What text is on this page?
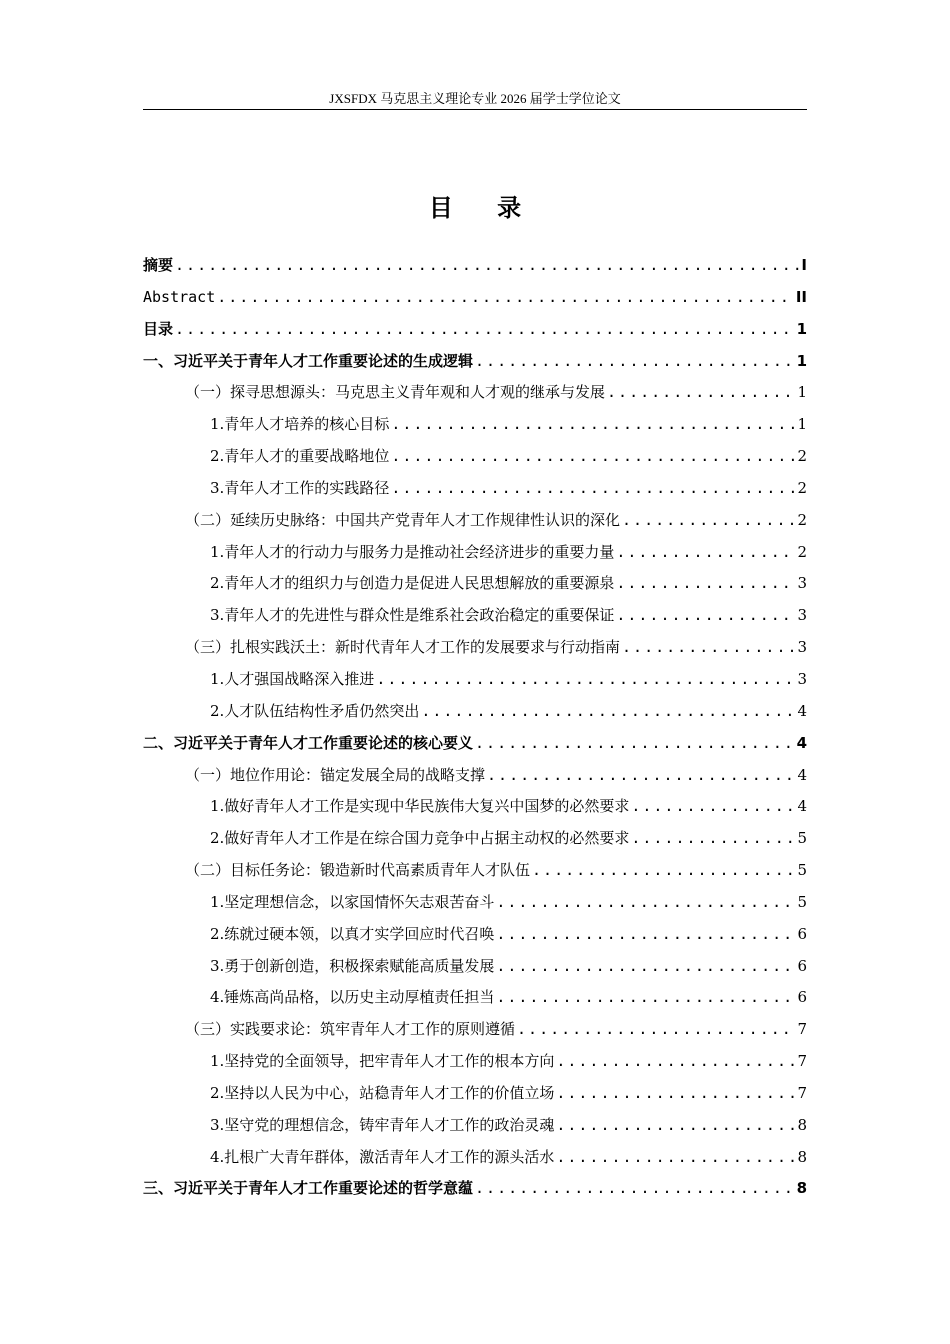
JXSFDX 马克思主义理论专业 2026 届学士学位论文
目 录
摘要 .....	I
Abstract .....	II
目录 .....	1
一、习近平关于青年人才工作重要论述的生成逻辑 .....	1
（一）探寻思想源头：马克思主义青年观和人才观的继承与发展 .....	1
1.青年人才培养的核心目标 .....	1
2.青年人才的重要战略地位 .....	2
3.青年人才工作的实践路径 .....	2
（二）延续历史脉络：中国共产党青年人才工作规律性认识的深化 .....	2
1.青年人才的行动力与服务力是推动社会经济进步的重要力量 .....	2
2.青年人才的组织力与创造力是促进人民思想解放的重要源泉 .....	3
3.青年人才的先进性与群众性是维系社会政治稳定的重要保证 .....	3
（三）扎根实践沃土：新时代青年人才工作的发展要求与行动指南 .....	3
1.人才强国战略深入推进 .....	3
2.人才队伍结构性矛盾仍然突出 .....	4
二、习近平关于青年人才工作重要论述的核心要义 .....	4
（一）地位作用论：锚定发展全局的战略支撑 .....	4
1.做好青年人才工作是实现中华民族伟大复兴中国梦的必然要求 .....	4
2.做好青年人才工作是在综合国力竞争中占据主动权的必然要求 .....	5
（二）目标任务论：锻造新时代高素质青年人才队伍 .....	5
1.坚定理想信念，以家国情怀矢志艰苦奋斗 .....	5
2.练就过硬本领，以真才实学回应时代召唤 .....	6
3.勇于创新创造，积极探索赋能高质量发展 .....	6
4.锤炼高尚品格，以历史主动厚植责任担当 .....	6
（三）实践要求论：筑牢青年人才工作的原则遵循 .....	7
1.坚持党的全面领导，把牢青年人才工作的根本方向 .....	7
2.坚持以人民为中心，站稳青年人才工作的价值立场 .....	7
3.坚守党的理想信念，铸牢青年人才工作的政治灵魂 .....	8
4.扎根广大青年群体，激活青年人才工作的源头活水 .....	8
三、习近平关于青年人才工作重要论述的哲学意蕴 .....	8
